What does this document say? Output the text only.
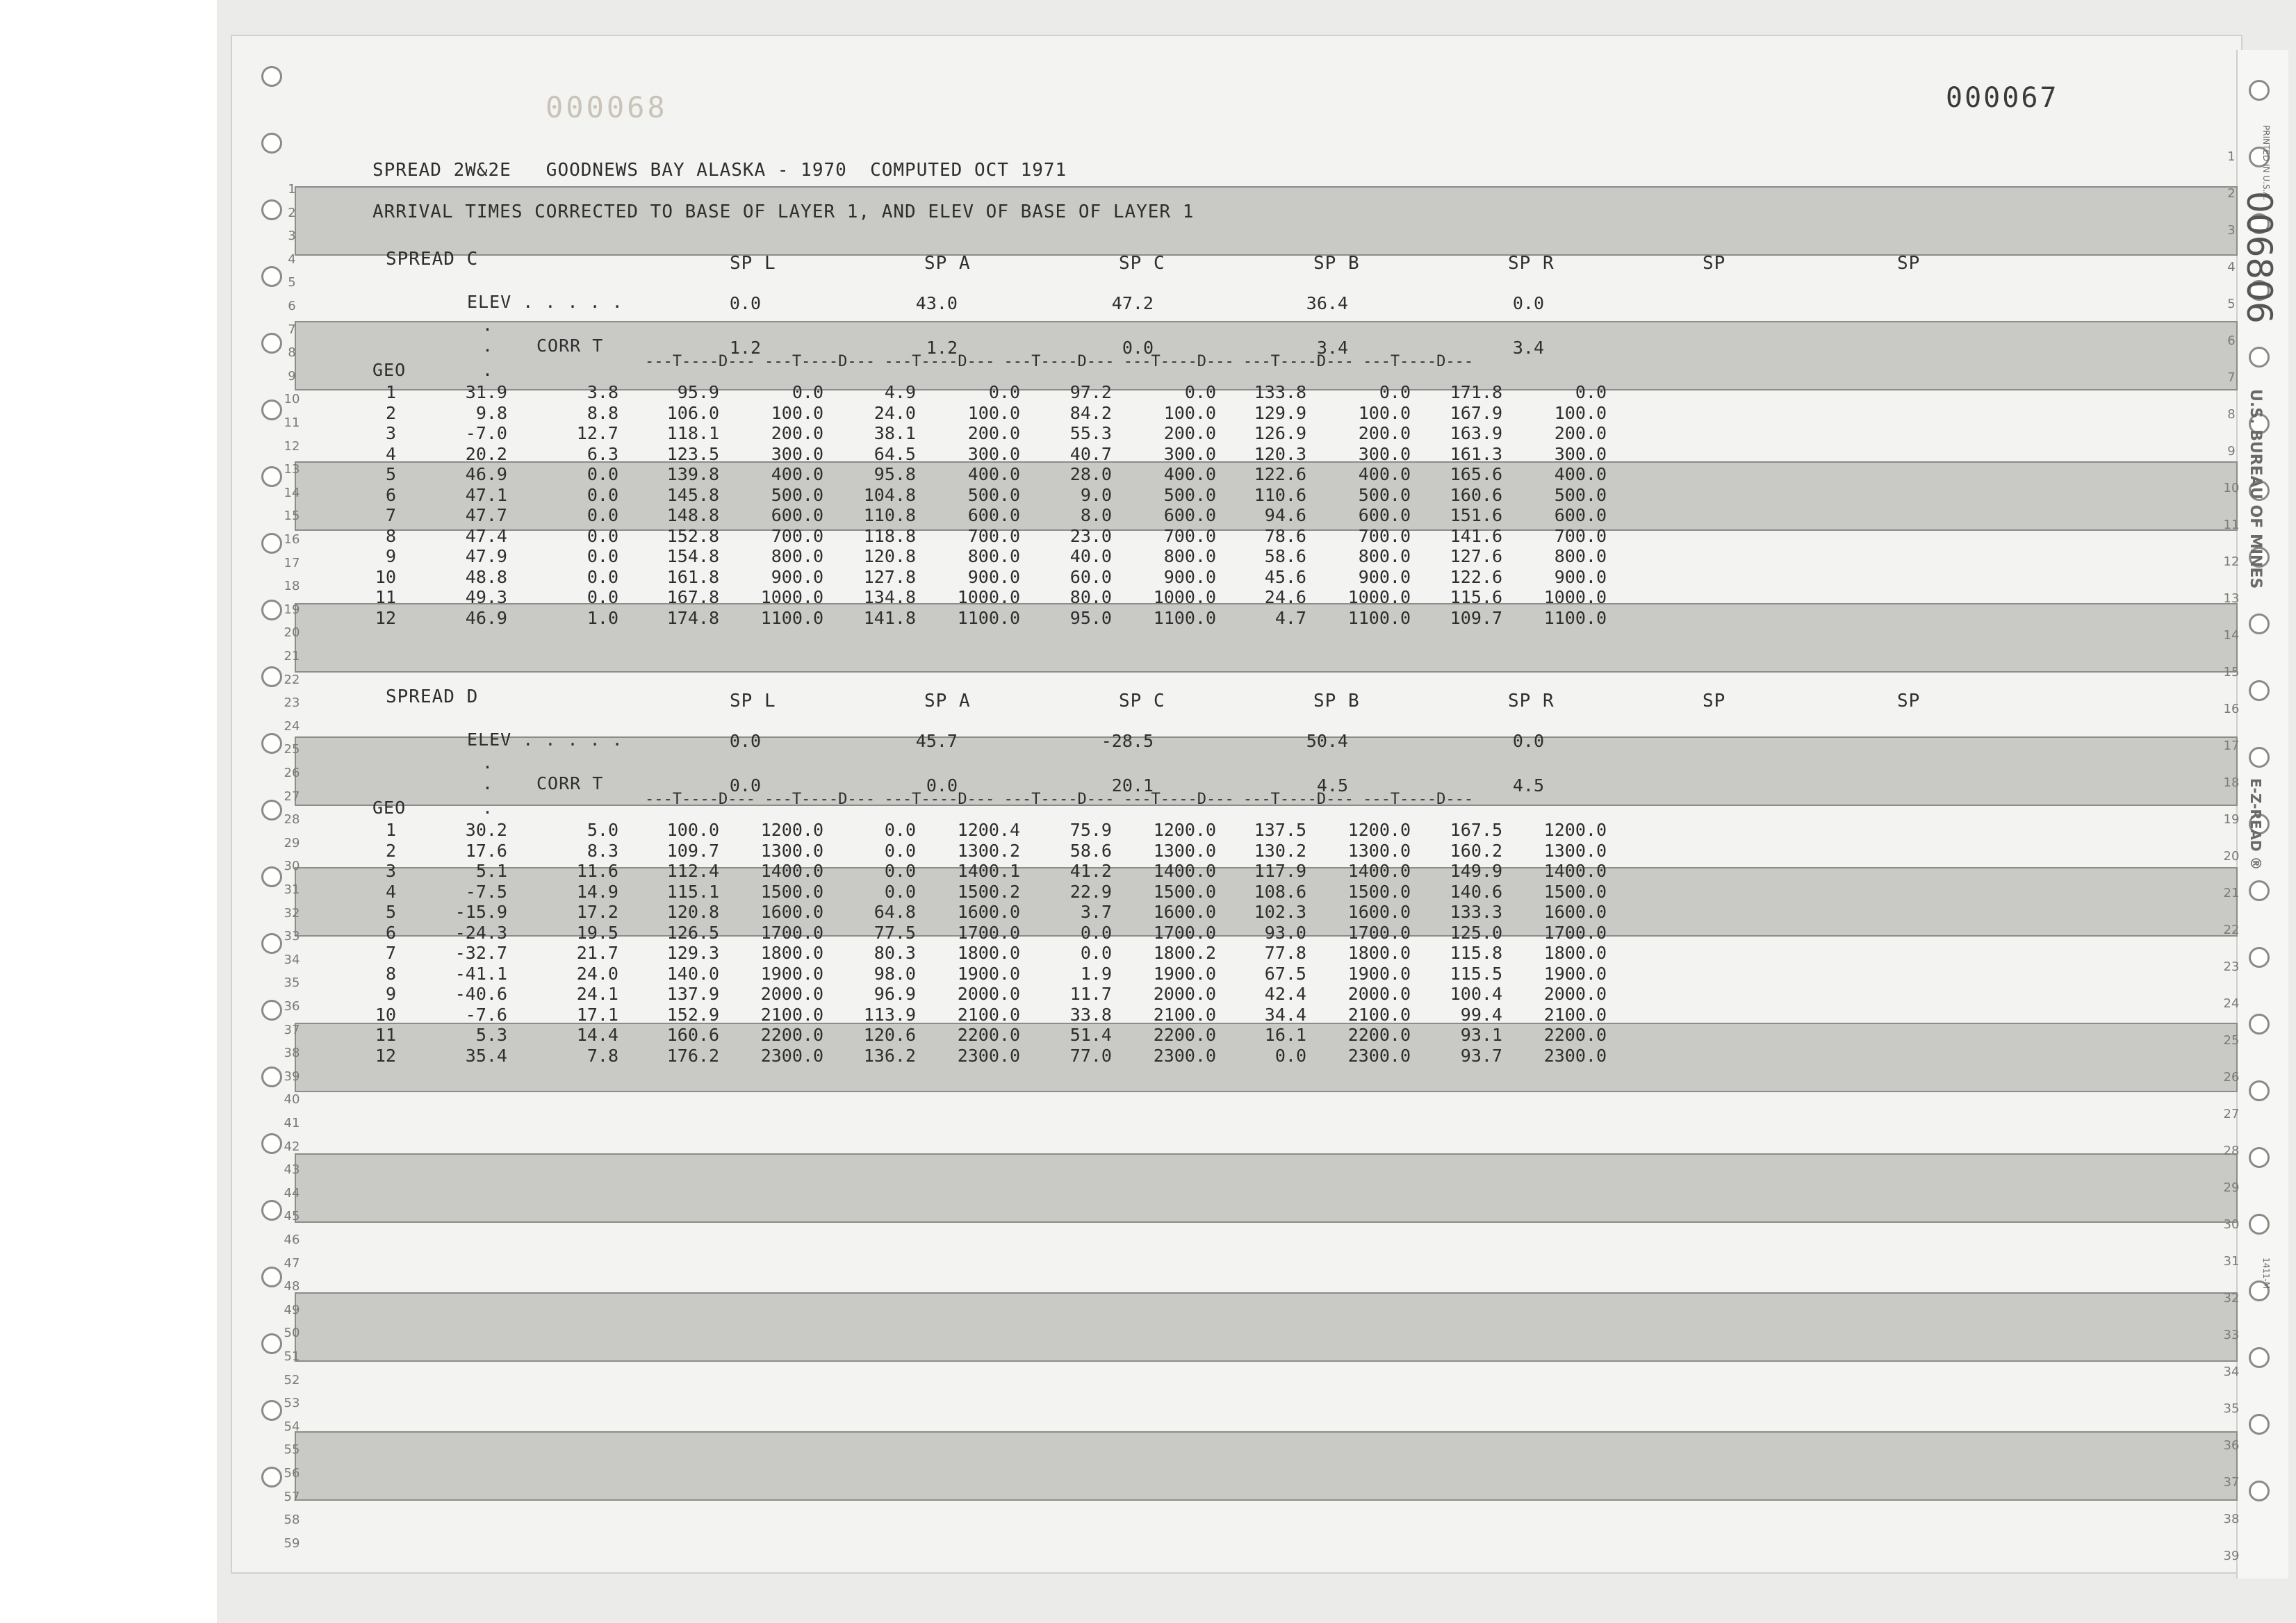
1
2
3
4
5
6
7
8
9
10
11
12
13
14
15
16
17
18
19
20
21
22
23
24
25
26
27
28
29
30
31
32
33
34
35
36
37
38
39
40
41
42
43
44
45
46
47
48
49
50
51
52
53
54
55
56
57
58
59
1
2
3
4
5
6
7
8
9
10
11
12
13
14
15
16
17
18
19
20
21
22
23
24
25
26
27
28
29
30
31
32
33
34
35
36
37
38
39
000068	000067
PRINTED IN U.S.A.
006806
U.S. BUREAU OF MINES
E-Z-READ ®
1411-M
SPREAD 2W&2E   GOODNEWS BAY ALASKA - 1970  COMPUTED OCT 1971
ARRIVAL TIMES CORRECTED TO BASE OF LAYER 1, AND ELEV OF BASE OF LAYER 1
SPREAD C	SP L	SP A	SP C	SP B	SP R	SP	SP
ELEV . . . . .	0.0	43.0	47.2	36.4	0.0
.
. CORR T	1.2	1.2	0.0	3.4	3.4
GEO	.	---T----D--- ---T----D--- ---T----D--- ---T----D--- ---T----D--- ---T----D--- ---T----D---
1	31.9	3.8	95.9	0.0	4.9	0.0	97.2	0.0	133.8	0.0	171.8	0.0
2	9.8	8.8	106.0	100.0	24.0	100.0	84.2	100.0	129.9	100.0	167.9	100.0
3	-7.0	12.7	118.1	200.0	38.1	200.0	55.3	200.0	126.9	200.0	163.9	200.0
4	20.2	6.3	123.5	300.0	64.5	300.0	40.7	300.0	120.3	300.0	161.3	300.0
5	46.9	0.0	139.8	400.0	95.8	400.0	28.0	400.0	122.6	400.0	165.6	400.0
6	47.1	0.0	145.8	500.0	104.8	500.0	9.0	500.0	110.6	500.0	160.6	500.0
7	47.7	0.0	148.8	600.0	110.8	600.0	8.0	600.0	94.6	600.0	151.6	600.0
8	47.4	0.0	152.8	700.0	118.8	700.0	23.0	700.0	78.6	700.0	141.6	700.0
9	47.9	0.0	154.8	800.0	120.8	800.0	40.0	800.0	58.6	800.0	127.6	800.0
10	48.8	0.0	161.8	900.0	127.8	900.0	60.0	900.0	45.6	900.0	122.6	900.0
11	49.3	0.0	167.8	1000.0	134.8	1000.0	80.0	1000.0	24.6	1000.0	115.6	1000.0
12	46.9	1.0	174.8	1100.0	141.8	1100.0	95.0	1100.0	4.7	1100.0	109.7	1100.0
SPREAD D	SP L	SP A	SP C	SP B	SP R	SP	SP
ELEV . . . . .	0.0	45.7	-28.5	50.4	0.0
.
. CORR T	0.0	0.0	20.1	4.5	4.5
GEO	.	---T----D--- ---T----D--- ---T----D--- ---T----D--- ---T----D--- ---T----D--- ---T----D---
1	30.2	5.0	100.0	1200.0	0.0	1200.4	75.9	1200.0	137.5	1200.0	167.5	1200.0
2	17.6	8.3	109.7	1300.0	0.0	1300.2	58.6	1300.0	130.2	1300.0	160.2	1300.0
3	5.1	11.6	112.4	1400.0	0.0	1400.1	41.2	1400.0	117.9	1400.0	149.9	1400.0
4	-7.5	14.9	115.1	1500.0	0.0	1500.2	22.9	1500.0	108.6	1500.0	140.6	1500.0
5	-15.9	17.2	120.8	1600.0	64.8	1600.0	3.7	1600.0	102.3	1600.0	133.3	1600.0
6	-24.3	19.5	126.5	1700.0	77.5	1700.0	0.0	1700.0	93.0	1700.0	125.0	1700.0
7	-32.7	21.7	129.3	1800.0	80.3	1800.0	0.0	1800.2	77.8	1800.0	115.8	1800.0
8	-41.1	24.0	140.0	1900.0	98.0	1900.0	1.9	1900.0	67.5	1900.0	115.5	1900.0
9	-40.6	24.1	137.9	2000.0	96.9	2000.0	11.7	2000.0	42.4	2000.0	100.4	2000.0
10	-7.6	17.1	152.9	2100.0	113.9	2100.0	33.8	2100.0	34.4	2100.0	99.4	2100.0
11	5.3	14.4	160.6	2200.0	120.6	2200.0	51.4	2200.0	16.1	2200.0	93.1	2200.0
12	35.4	7.8	176.2	2300.0	136.2	2300.0	77.0	2300.0	0.0	2300.0	93.7	2300.0
